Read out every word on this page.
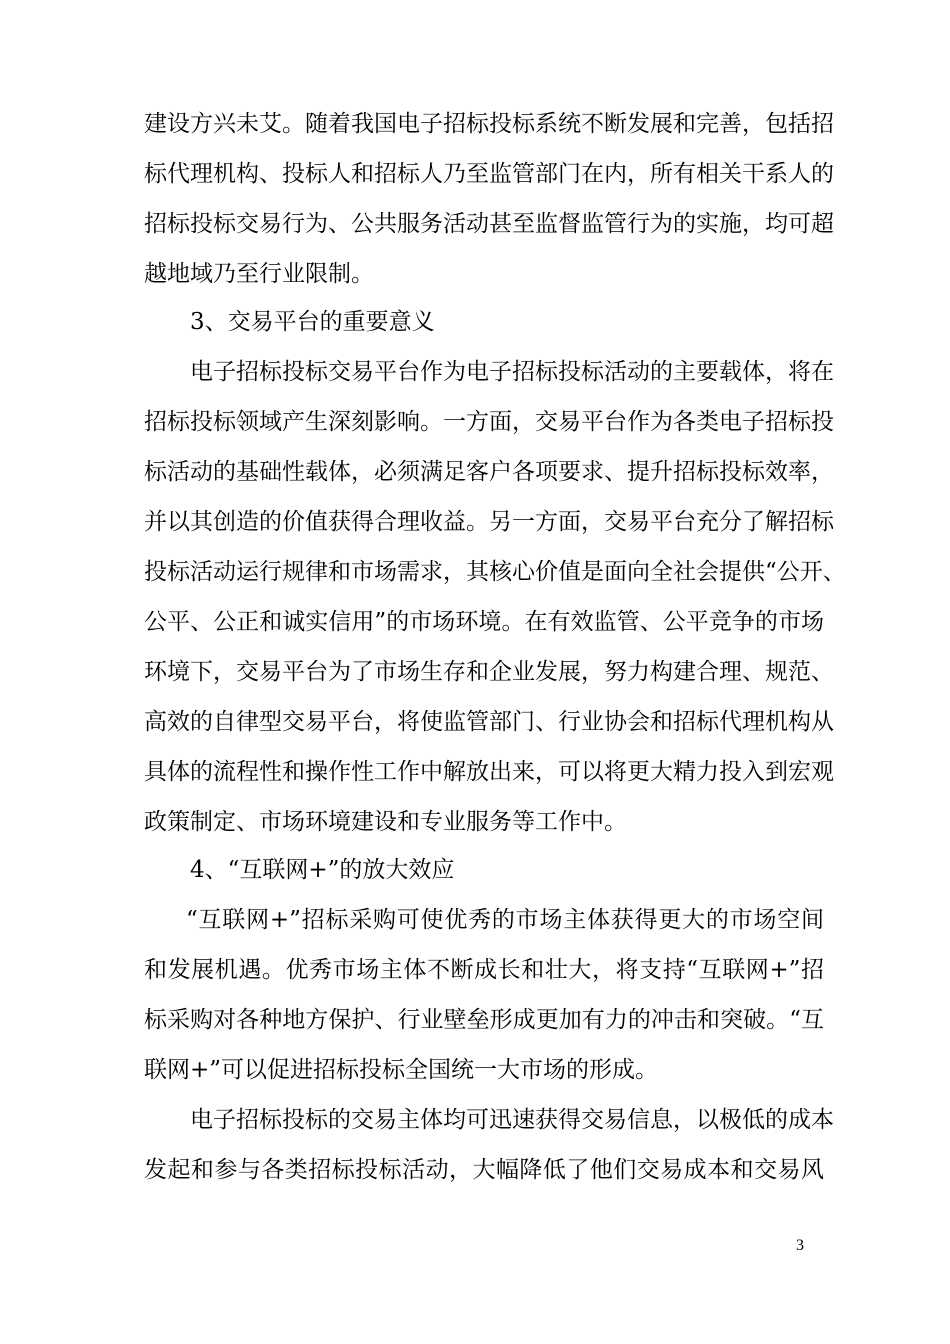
建设方兴未艾。随着我国电子招标投标系统不断发展和完善，包括招
标代理机构、投标人和招标人乃至监管部门在内，所有相关干系人的
招标投标交易行为、公共服务活动甚至监督监管行为的实施，均可超
越地域乃至行业限制。
3、交易平台的重要意义
电子招标投标交易平台作为电子招标投标活动的主要载体，将在
招标投标领域产生深刻影响。一方面，交易平台作为各类电子招标投
标活动的基础性载体，必须满足客户各项要求、提升招标投标效率，
并以其创造的价值获得合理收益。另一方面，交易平台充分了解招标
投标活动运行规律和市场需求，其核心价值是面向全社会提供“公开、
公平、公正和诚实信用”的市场环境。在有效监管、公平竞争的市场
环境下，交易平台为了市场生存和企业发展，努力构建合理、规范、
高效的自律型交易平台，将使监管部门、行业协会和招标代理机构从
具体的流程性和操作性工作中解放出来，可以将更大精力投入到宏观
政策制定、市场环境建设和专业服务等工作中。
4、“互联网+”的放大效应
“互联网+”招标采购可使优秀的市场主体获得更大的市场空间
和发展机遇。优秀市场主体不断成长和壮大，将支持“互联网+”招
标采购对各种地方保护、行业壁垒形成更加有力的冲击和突破。“互
联网+”可以促进招标投标全国统一大市场的形成。
电子招标投标的交易主体均可迅速获得交易信息，以极低的成本
发起和参与各类招标投标活动，大幅降低了他们交易成本和交易风
3
